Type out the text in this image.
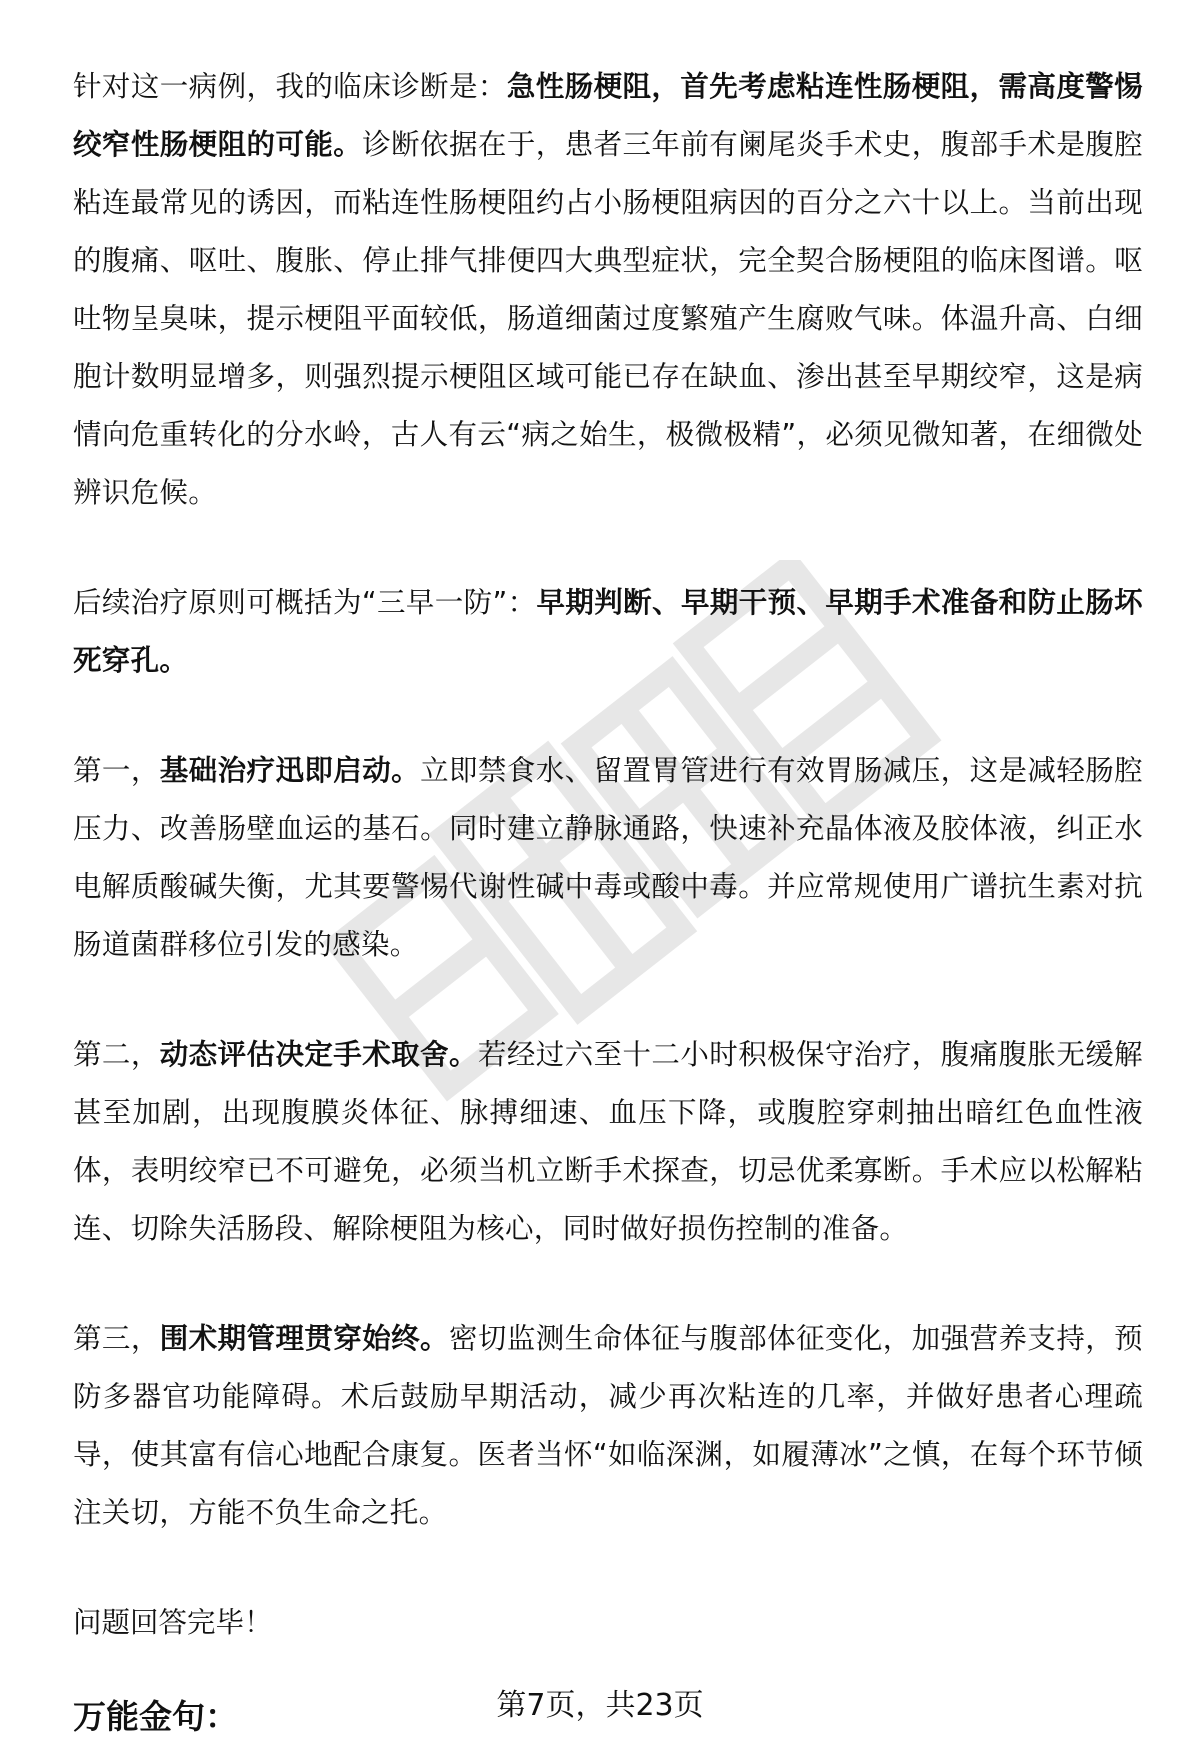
针对这一病例，我的临床诊断是：急性肠梗阻，首先考虑粘连性肠梗阻，需高度警惕绞窄性肠梗阻的可能。诊断依据在于，患者三年前有阑尾炎手术史，腹部手术是腹腔粘连最常见的诱因，而粘连性肠梗阻约占小肠梗阻病因的百分之六十以上。当前出现的腹痛、呕吐、腹胀、停止排气排便四大典型症状，完全契合肠梗阻的临床图谱。呕吐物呈臭味，提示梗阻平面较低，肠道细菌过度繁殖产生腐败气味。体温升高、白细胞计数明显增多，则强烈提示梗阻区域可能已存在缺血、渗出甚至早期绞窄，这是病情向危重转化的分水岭，古人有云“病之始生，极微极精”，必须见微知著，在细微处辨识危候。

后续治疗原则可概括为“三早一防”：早期判断、早期干预、早期手术准备和防止肠坏死穿孔。

第一，基础治疗迅即启动。立即禁食水、留置胃管进行有效胃肠减压，这是减轻肠腔压力、改善肠壁血运的基石。同时建立静脉通路，快速补充晶体液及胶体液，纠正水电解质酸碱失衡，尤其要警惕代谢性碱中毒或酸中毒。并应常规使用广谱抗生素对抗肠道菌群移位引发的感染。

第二，动态评估决定手术取舍。若经过六至十二小时积极保守治疗，腹痛腹胀无缓解甚至加剧，出现腹膜炎体征、脉搏细速、血压下降，或腹腔穿刺抽出暗红色血性液体，表明绞窄已不可避免，必须当机立断手术探查，切忌优柔寡断。手术应以松解粘连、切除失活肠段、解除梗阻为核心，同时做好损伤控制的准备。

第三，围术期管理贯穿始终。密切监测生命体征与腹部体征变化，加强营养支持，预防多器官功能障碍。术后鼓励早期活动，减少再次粘连的几率，并做好患者心理疏导，使其富有信心地配合康复。医者当怀“如临深渊，如履薄冰”之慎，在每个环节倾注关切，方能不负生命之托。

问题回答完毕！

万能金句：	第7页，共23页
